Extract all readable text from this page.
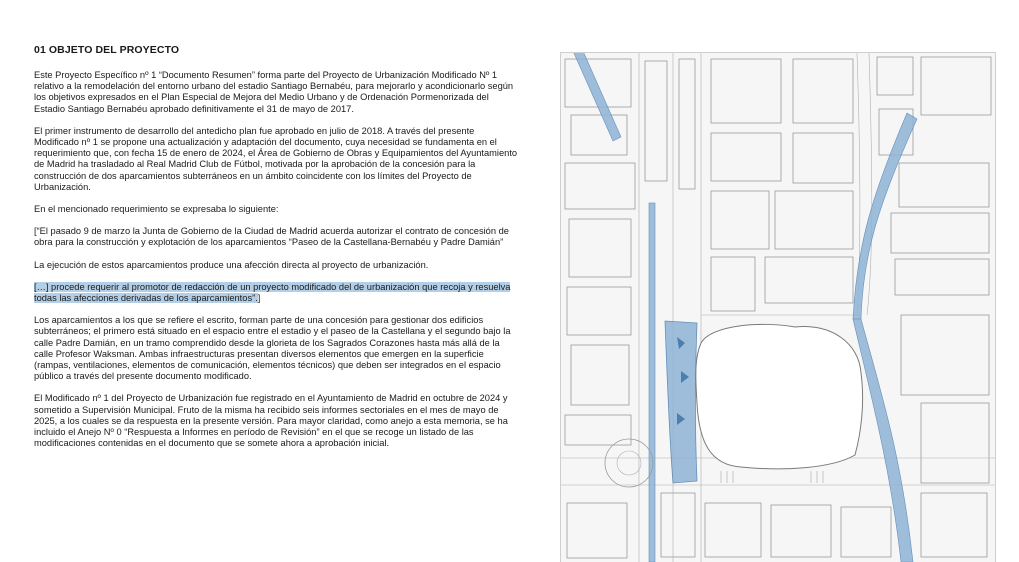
01 OBJETO DEL PROYECTO

Este Proyecto Específico nº 1 “Documento Resumen” forma parte del Proyecto de Urbanización Modificado Nº 1 relativo a la remodelación del entorno urbano del estadio Santiago Bernabéu, para mejorarlo y acondicionarlo según los objetivos expresados en el Plan Especial de Mejora del Medio Urbano y de Ordenación Pormenorizada del Estadio Santiago Bernabéu aprobado definitivamente el 31 de mayo de 2017.

El primer instrumento de desarrollo del antedicho plan fue aprobado en julio de 2018. A través del presente Modificado nº 1 se propone una actualización y adaptación del documento, cuya necesidad se fundamenta en el requerimiento que, con fecha 15 de enero de 2024, el Área de Gobierno de Obras y Equipamientos del Ayuntamiento de Madrid ha trasladado al Real Madrid Club de Fútbol, motivada por la aprobación de la concesión para la construcción de dos aparcamientos subterráneos en un ámbito coincidente con los límites del Proyecto de Urbanización.

En el mencionado requerimiento se expresaba lo siguiente:

[“El pasado 9 de marzo la Junta de Gobierno de la Ciudad de Madrid acuerda autorizar el contrato de concesión de obra para la construcción y explotación de los aparcamientos “Paseo de la Castellana-Bernabéu y Padre Damián”

La ejecución de estos aparcamientos produce una afección directa al proyecto de urbanización.

[…] procede requerir al promotor de redacción de un proyecto modificado del de urbanización que recoja y resuelva todas las afecciones derivadas de los aparcamientos”.]

Los aparcamientos a los que se refiere el escrito, forman parte de una concesión para gestionar dos edificios subterráneos; el primero está situado en el espacio entre el estadio y el paseo de la Castellana y el segundo bajo la calle Padre Damián, en un tramo comprendido desde la glorieta de los Sagrados Corazones hasta más allá de la calle Profesor Waksman. Ambas infraestructuras presentan diversos elementos que emergen en la superficie (rampas, ventilaciones, elementos de comunicación, elementos técnicos) que deben ser integrados en el espacio público a través del presente documento modificado.

El Modificado nº 1 del Proyecto de Urbanización fue registrado en el Ayuntamiento de Madrid en octubre de 2024 y sometido a Supervisión Municipal. Fruto de la misma ha recibido seis informes sectoriales en el mes de mayo de 2025, a los cuales se da respuesta en la presente versión. Para mayor claridad, como anejo a esta memoria, se ha incluido el Anejo Nº 0 “Respuesta a Informes en período de Revisión” en el que se recoge un listado de las modificaciones contenidas en el documento que se somete ahora a aprobación inicial.
